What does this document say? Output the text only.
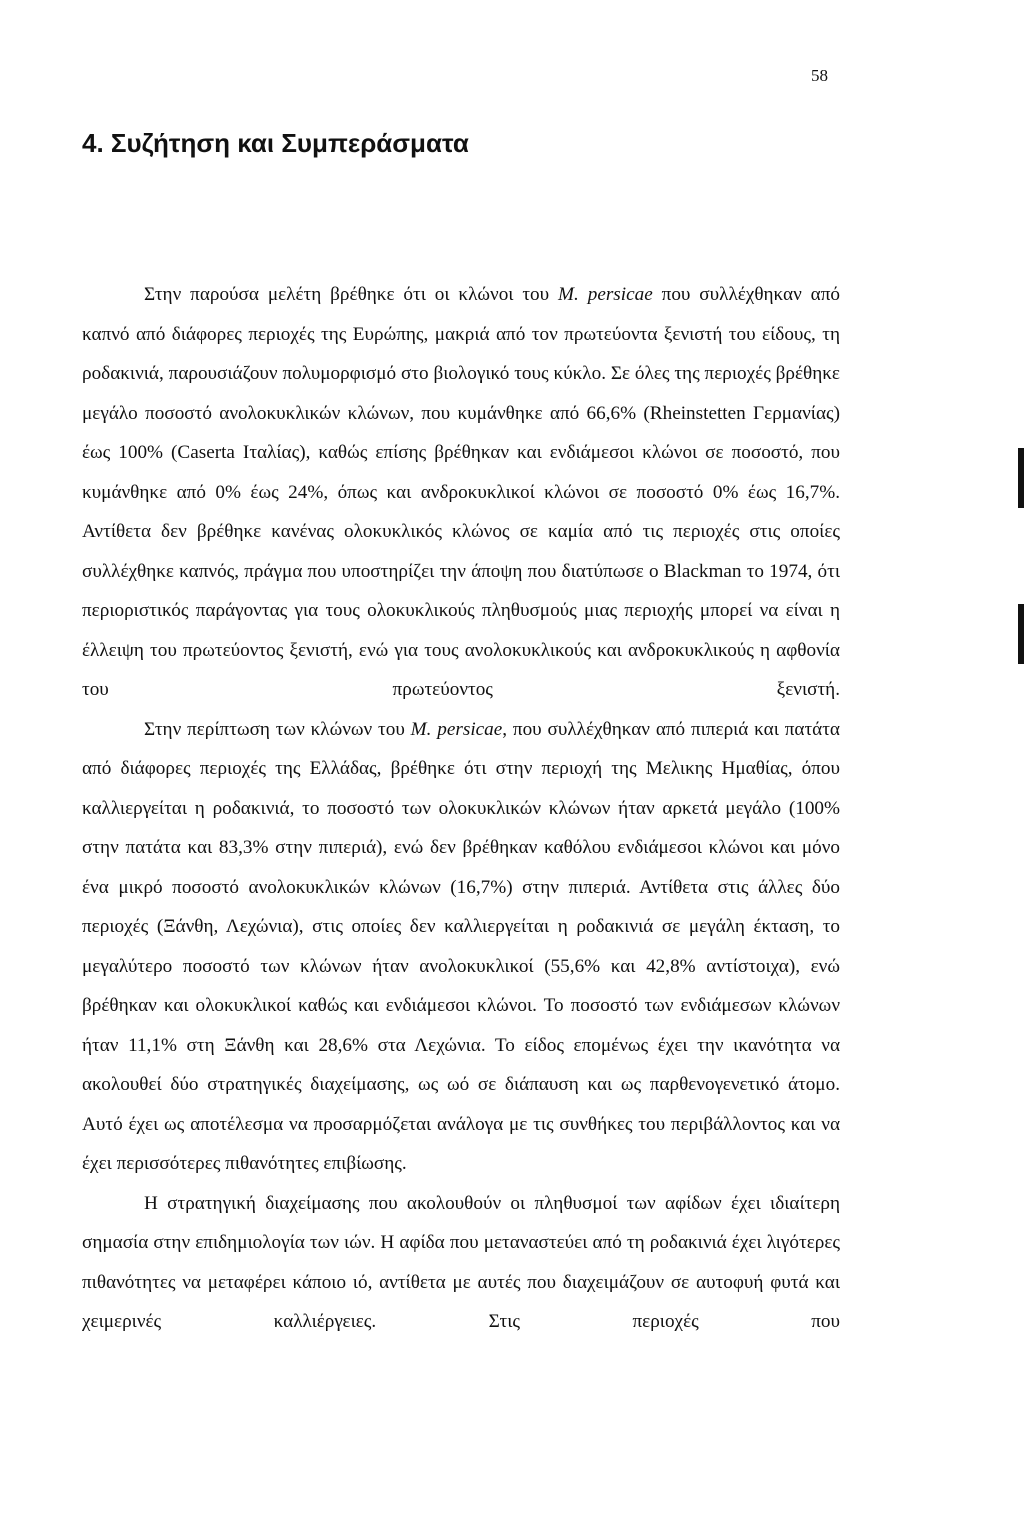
58
4. Συζήτηση και Συμπεράσματα

Στην παρούσα μελέτη βρέθηκε ότι οι κλώνοι του M. persicae που συλλέχθηκαν από καπνό από διάφορες περιοχές της Ευρώπης, μακριά από τον πρωτεύοντα ξενιστή του είδους, τη ροδακινιά, παρουσιάζουν πολυμορφισμό στο βιολογικό τους κύκλο. Σε όλες της περιοχές βρέθηκε μεγάλο ποσοστό ανολοκυκλικών κλώνων, που κυμάνθηκε από 66,6% (Rheinstetten Γερμανίας) έως 100% (Caserta Ιταλίας), καθώς επίσης βρέθηκαν και ενδιάμεσοι κλώνοι σε ποσοστό, που κυμάνθηκε από 0% έως 24%, όπως και ανδροκυκλικοί κλώνοι σε ποσοστό 0% έως 16,7%. Αντίθετα δεν βρέθηκε κανένας ολοκυκλικός κλώνος σε καμία από τις περιοχές στις οποίες συλλέχθηκε καπνός, πράγμα που υποστηρίζει την άποψη που διατύπωσε ο Blackman το 1974, ότι περιοριστικός παράγοντας για τους ολοκυκλικούς πληθυσμούς μιας περιοχής μπορεί να είναι η έλλειψη του πρωτεύοντος ξενιστή, ενώ για τους ανολοκυκλικούς και ανδροκυκλικούς η αφθονία του πρωτεύοντος ξενιστή.

Στην περίπτωση των κλώνων του M. persicae, που συλλέχθηκαν από πιπεριά και πατάτα από διάφορες περιοχές της Ελλάδας, βρέθηκε ότι στην περιοχή της Μελικης Ημαθίας, όπου καλλιεργείται η ροδακινιά, το ποσοστό των ολοκυκλικών κλώνων ήταν αρκετά μεγάλο (100% στην πατάτα και 83,3% στην πιπεριά), ενώ δεν βρέθηκαν καθόλου ενδιάμεσοι κλώνοι και μόνο ένα μικρό ποσοστό ανολοκυκλικών κλώνων (16,7%) στην πιπεριά. Αντίθετα στις άλλες δύο περιοχές (Ξάνθη, Λεχώνια), στις οποίες δεν καλλιεργείται η ροδακινιά σε μεγάλη έκταση, το μεγαλύτερο ποσοστό των κλώνων ήταν ανολοκυκλικοί (55,6% και 42,8% αντίστοιχα), ενώ βρέθηκαν και ολοκυκλικοί καθώς και ενδιάμεσοι κλώνοι. Το ποσοστό των ενδιάμεσων κλώνων ήταν 11,1% στη Ξάνθη και 28,6% στα Λεχώνια. Το είδος επομένως έχει την ικανότητα να ακολουθεί δύο στρατηγικές διαχείμασης, ως ωό σε διάπαυση και ως παρθενογενετικό άτομο. Αυτό έχει ως αποτέλεσμα να προσαρμόζεται ανάλογα με τις συνθήκες του περιβάλλοντος και να έχει περισσότερες πιθανότητες επιβίωσης.

Η στρατηγική διαχείμασης που ακολουθούν οι πληθυσμοί των αφίδων έχει ιδιαίτερη σημασία στην επιδημιολογία των ιών. Η αφίδα που μεταναστεύει από τη ροδακινιά έχει λιγότερες πιθανότητες να μεταφέρει κάποιο ιό, αντίθετα με αυτές που διαχειμάζουν σε αυτοφυή φυτά και χειμερινές καλλιέργειες. Στις περιοχές που
